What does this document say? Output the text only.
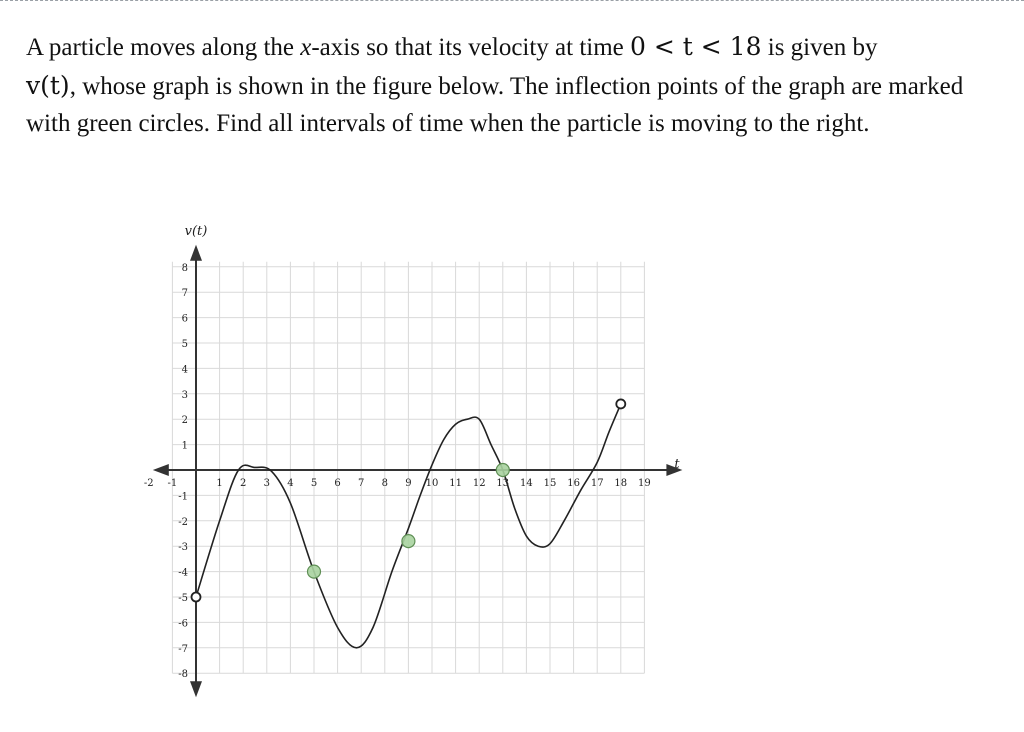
A particle moves along the x-axis so that its velocity at time 0 < t < 18 is given by
v(t), whose graph is shown in the figure below. The inflection points of the graph are marked with green circles. Find all intervals of time when the particle is moving to the right.

-2 -1	1 2 3 4 5 6 7 8 9 10 11 12 13 14 15 16 17 18 19
8
7
6
5
4
3
2
1
-1
-2
-3
-4
-5
-6
-7
-8
t
v(t)
